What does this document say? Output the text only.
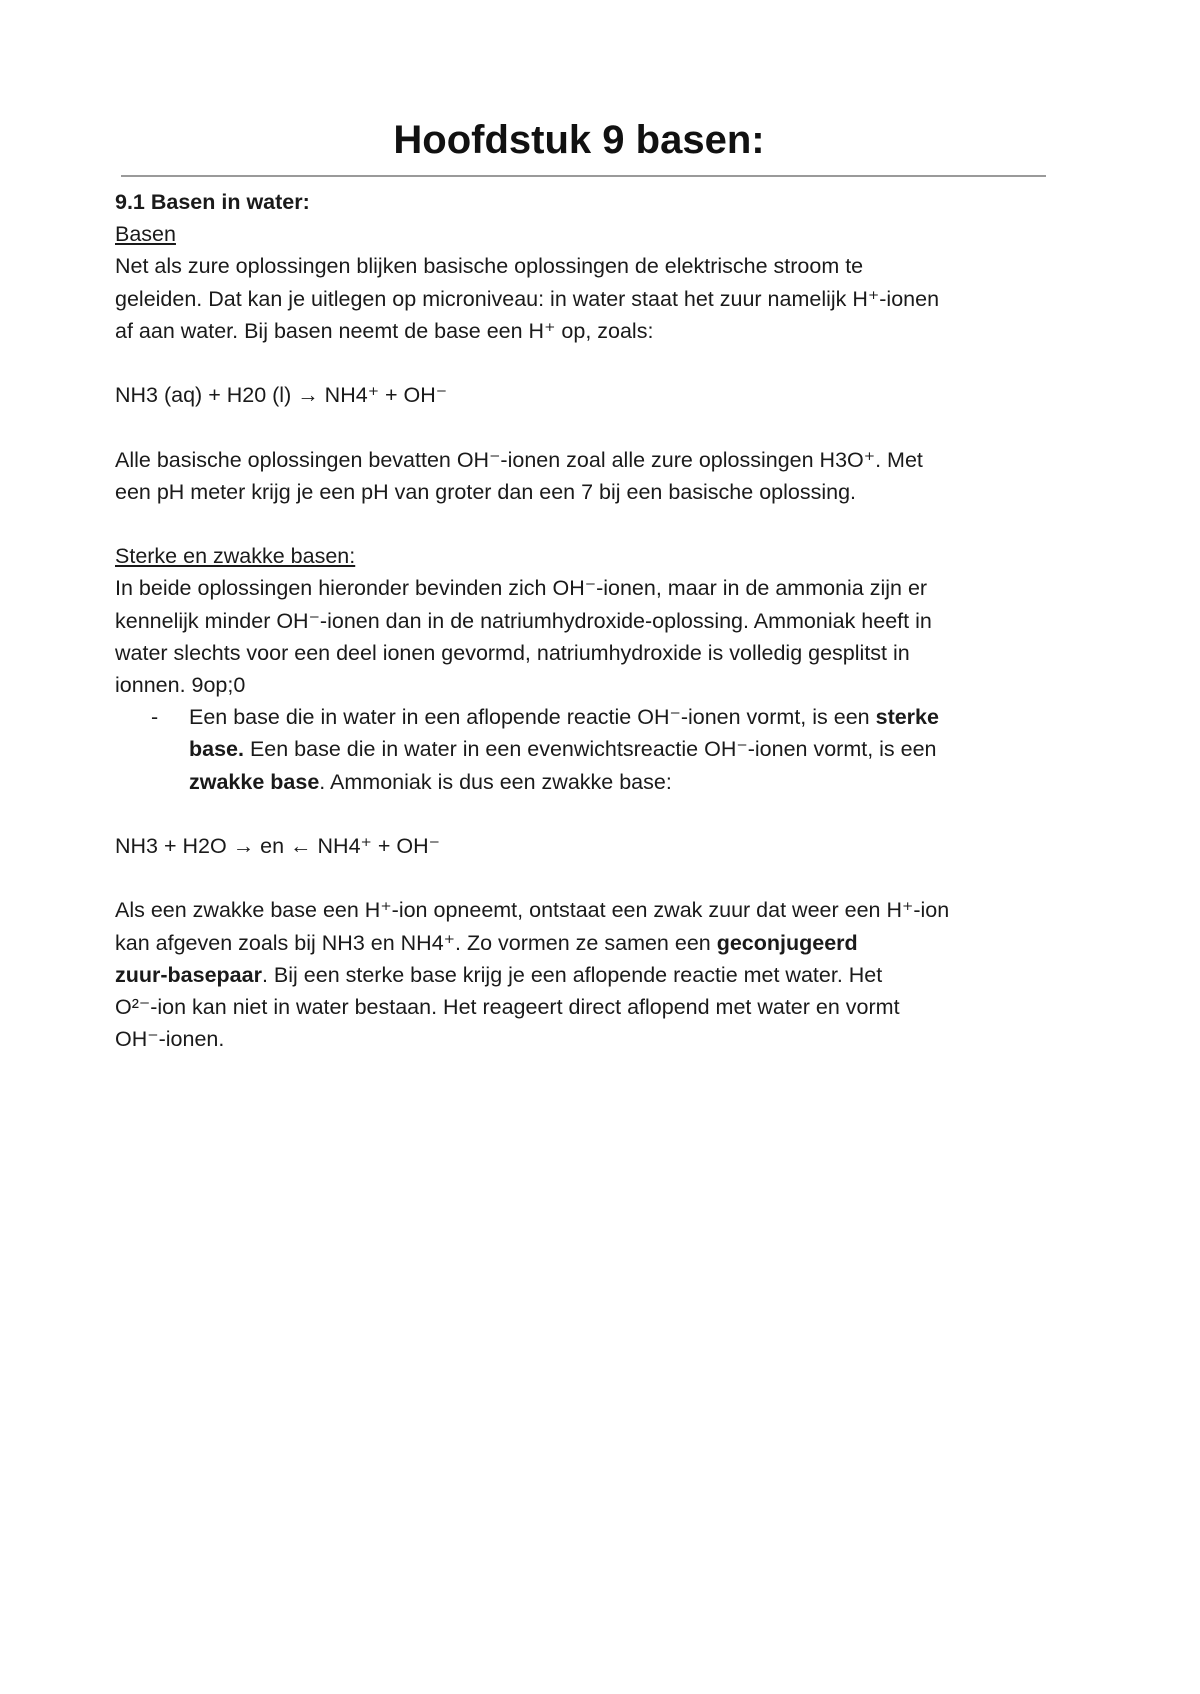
Hoofdstuk 9 basen:

9.1 Basen in water:

Basen

Net als zure oplossingen blijken basische oplossingen de elektrische stroom te
geleiden. Dat kan je uitlegen op microniveau: in water staat het zuur namelijk H⁺-ionen
af aan water. Bij basen neemt de base een H⁺ op, zoals:

NH3 (aq) + H20 (l) → NH4⁺ + OH⁻

Alle basische oplossingen bevatten OH⁻-ionen zoal alle zure oplossingen H3O⁺. Met
een pH meter krijg je een pH van groter dan een 7 bij een basische oplossing.

Sterke en zwakke basen:

In beide oplossingen hieronder bevinden zich OH⁻-ionen, maar in de ammonia zijn er
kennelijk minder OH⁻-ionen dan in de natriumhydroxide-oplossing. Ammoniak heeft in
water slechts voor een deel ionen gevormd, natriumhydroxide is volledig gesplitst in
ionnen. 9op;0

- Een base die in water in een aflopende reactie OH⁻-ionen vormt, is een sterke
base. Een base die in water in een evenwichtsreactie OH⁻-ionen vormt, is een
zwakke base. Ammoniak is dus een zwakke base:

NH3 + H2O → en ← NH4⁺ + OH⁻

Als een zwakke base een H⁺-ion opneemt, ontstaat een zwak zuur dat weer een H⁺-ion
kan afgeven zoals bij NH3 en NH4⁺. Zo vormen ze samen een geconjugeerd
zuur-basepaar. Bij een sterke base krijg je een aflopende reactie met water. Het
O²⁻-ion kan niet in water bestaan. Het reageert direct aflopend met water en vormt
OH⁻-ionen.
